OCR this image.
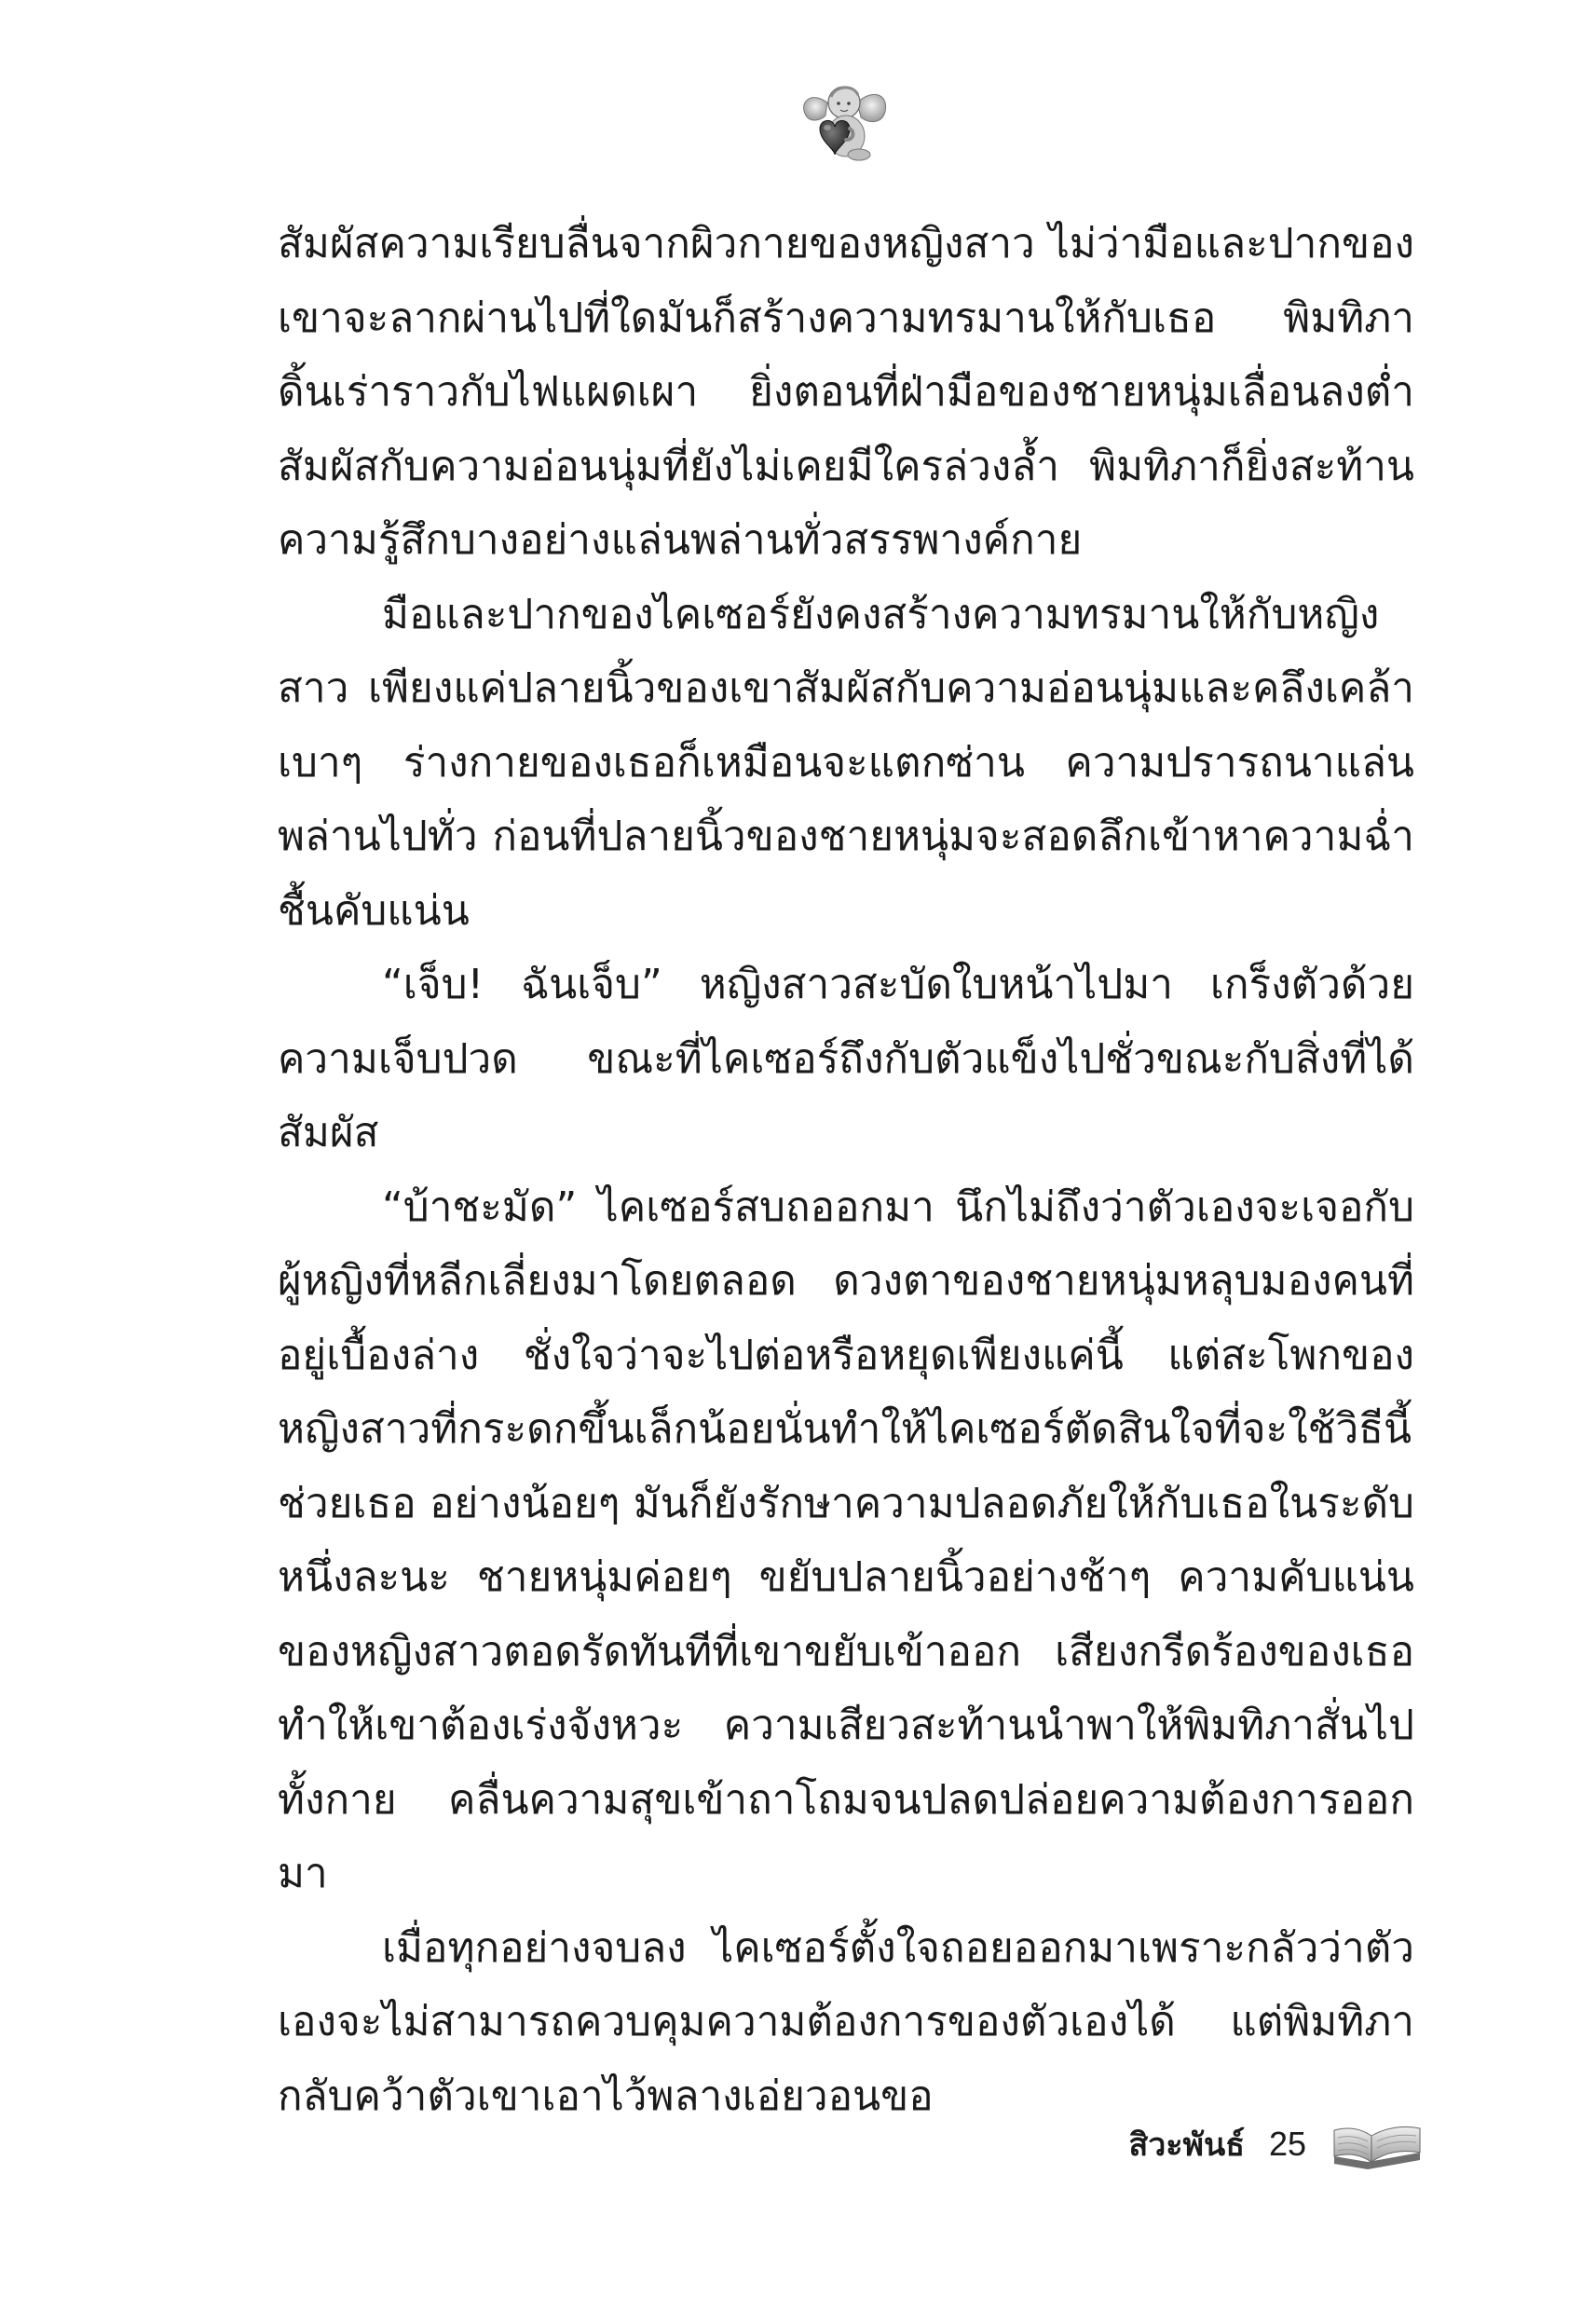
สัมผัสความเรียบลื่นจากผิวกายของหญิงสาว ไม่ว่ามือและปากของเขาจะลากผ่านไปที่ใดมันก็สร้างความทรมานให้กับเธอ พิมทิภาดิ้นเร่าราวกับไฟแผดเผา ยิ่งตอนที่ฝ่ามือของชายหนุ่มเลื่อนลงต่ำสัมผัสกับความอ่อนนุ่มที่ยังไม่เคยมีใครล่วงล้ำ พิมทิภาก็ยิ่งสะท้านความรู้สึกบางอย่างแล่นพล่านทั่วสรรพางค์กาย

มือและปากของไคเซอร์ยังคงสร้างความทรมานให้กับหญิงสาว เพียงแค่ปลายนิ้วของเขาสัมผัสกับความอ่อนนุ่มและคลึงเคล้าเบาๆ ร่างกายของเธอก็เหมือนจะแตกซ่าน ความปรารถนาแล่นพล่านไปทั่ว ก่อนที่ปลายนิ้วของชายหนุ่มจะสอดลึกเข้าหาความฉ่ำชื้นคับแน่น

“เจ็บ! ฉันเจ็บ” หญิงสาวสะบัดใบหน้าไปมา เกร็งตัวด้วยความเจ็บปวด ขณะที่ไคเซอร์ถึงกับตัวแข็งไปชั่วขณะกับสิ่งที่ได้สัมผัส

“บ้าชะมัด” ไคเซอร์สบถออกมา นึกไม่ถึงว่าตัวเองจะเจอกับผู้หญิงที่หลีกเลี่ยงมาโดยตลอด ดวงตาของชายหนุ่มหลุบมองคนที่อยู่เบื้องล่าง ชั่งใจว่าจะไปต่อหรือหยุดเพียงแค่นี้ แต่สะโพกของหญิงสาวที่กระดกขึ้นเล็กน้อยนั่นทำให้ไคเซอร์ตัดสินใจที่จะใช้วิธีนี้ช่วยเธอ อย่างน้อยๆ มันก็ยังรักษาความปลอดภัยให้กับเธอในระดับหนึ่งละนะ ชายหนุ่มค่อยๆ ขยับปลายนิ้วอย่างช้าๆ ความคับแน่นของหญิงสาวตอดรัดทันทีที่เขาขยับเข้าออก เสียงกรีดร้องของเธอทำให้เขาต้องเร่งจังหวะ ความเสียวสะท้านนำพาให้พิมทิภาสั่นไปทั้งกาย คลื่นความสุขเข้าถาโถมจนปลดปล่อยความต้องการออกมา

เมื่อทุกอย่างจบลง ไคเซอร์ตั้งใจถอยออกมาเพราะกลัวว่าตัวเองจะไม่สามารถควบคุมความต้องการของตัวเองได้ แต่พิมทิภากลับคว้าตัวเขาเอาไว้พลางเอ่ยวอนขอ

สิวะพันธ์ 25
